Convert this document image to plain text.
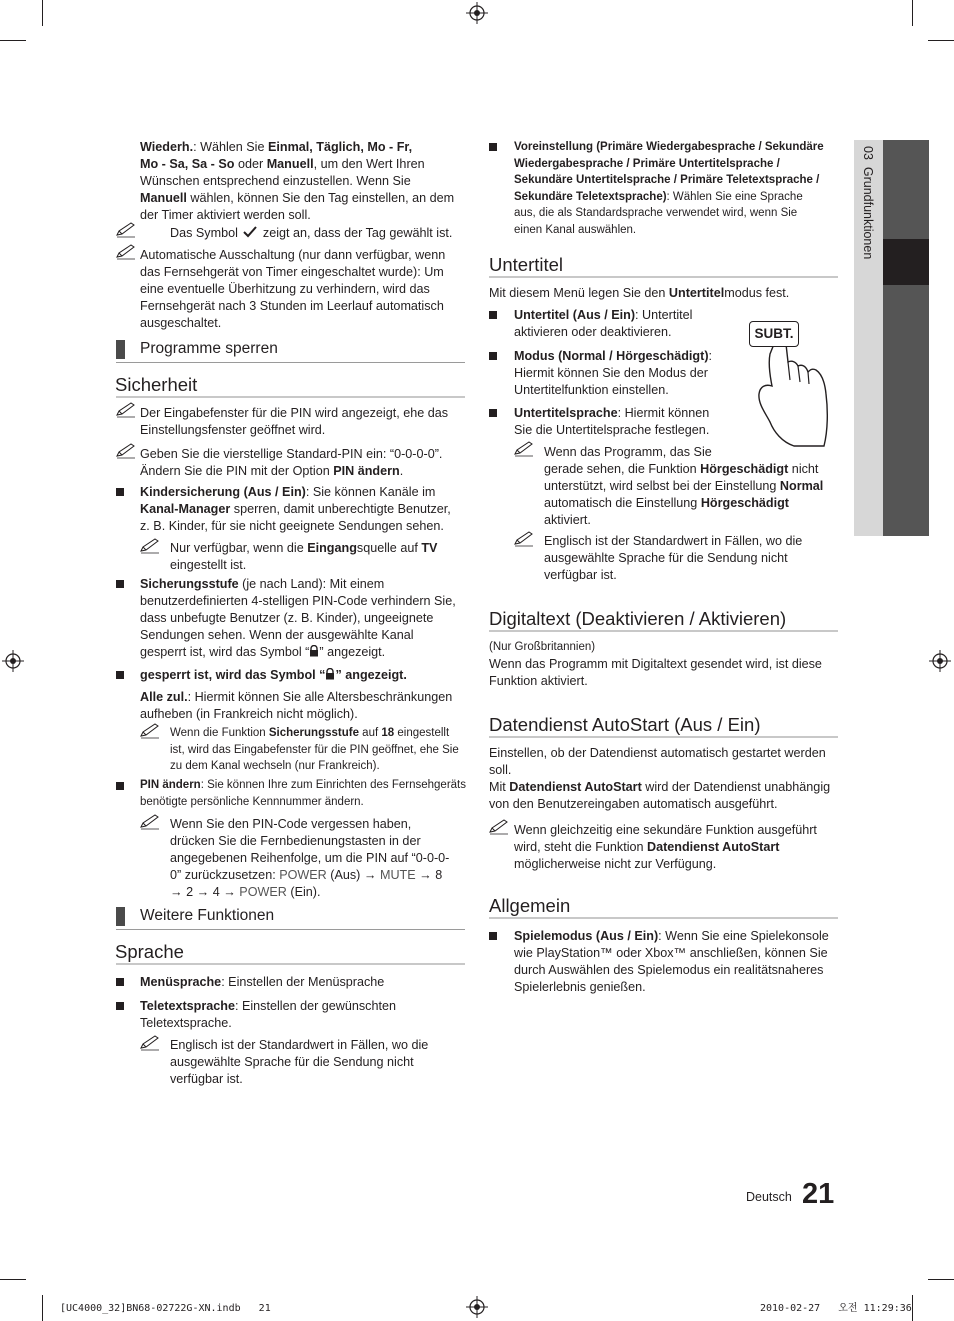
03  Grundfunktionen
Wiederh.: Wählen Sie Einmal, Täglich, Mo - Fr,
Mo - Sa, Sa - So oder Manuell, um den Wert Ihren
Wünschen entsprechend einzustellen. Wenn Sie
Manuell wählen, können Sie den Tag einstellen, an dem
der Timer aktiviert werden soll.
Das Symbol zeigt an, dass der Tag gewählt ist.
Automatische Ausschaltung (nur dann verfügbar, wenn
das Fernsehgerät von Timer eingeschaltet wurde): Um
eine eventuelle Überhitzung zu verhindern, wird das
Fernsehgerät nach 3 Stunden im Leerlauf automatisch
ausgeschaltet.
Programme sperren
Sicherheit
Der Eingabefenster für die PIN wird angezeigt, ehe das
Einstellungsfenster geöffnet wird.
Geben Sie die vierstellige Standard-PIN ein: “0-0-0-0”.
Ändern Sie die PIN mit der Option PIN ändern.
Kindersicherung (Aus / Ein): Sie können Kanäle im
Kanal-Manager sperren, damit unberechtigte Benutzer,
z. B. Kinder, für sie nicht geeignete Sendungen sehen.
Nur verfügbar, wenn die Eingangsquelle auf TV
eingestellt ist.
Sicherungsstufe (je nach Land): Mit einem
benutzerdefinierten 4-stelligen PIN-Code verhindern Sie,
dass unbefugte Benutzer (z. B. Kinder), ungeeignete
Sendungen sehen. Wenn der ausgewählte Kanal
gesperrt ist, wird das Symbol “ ” angezeigt.
gesperrt ist, wird das Symbol “ ” angezeigt.
Alle zul.: Hiermit können Sie alle Altersbeschränkungen
aufheben (in Frankreich nicht möglich).
Wenn die Funktion Sicherungsstufe auf 18 eingestellt
ist, wird das Eingabefenster für die PIN geöffnet, ehe Sie
zu dem Kanal wechseln (nur Frankreich).
PIN ändern: Sie können Ihre zum Einrichten des Fernsehgeräts
benötigte persönliche Kennnummer ändern.
Wenn Sie den PIN-Code vergessen haben,
drücken Sie die Fernbedienungstasten in der
angegebenen Reihenfolge, um die PIN auf “0-0-0-
0” zurückzusetzen: POWER (Aus) → MUTE → 8
→ 2 → 4 → POWER (Ein).
Weitere Funktionen
Sprache
Menüsprache: Einstellen der Menüsprache
Teletextsprache: Einstellen der gewünschten
Teletextsprache.
Englisch ist der Standardwert in Fällen, wo die
ausgewählte Sprache für die Sendung nicht
verfügbar ist.
Voreinstellung (Primäre Wiedergabesprache / Sekundäre
Wiedergabesprache / Primäre Untertitelsprache /
Sekundäre Untertitelsprache / Primäre Teletextsprache /
Sekundäre Teletextsprache): Wählen Sie eine Sprache
aus, die als Standardsprache verwendet wird, wenn Sie
einen Kanal auswählen.
Untertitel
Mit diesem Menü legen Sie den Untertitelmodus fest.
Untertitel (Aus / Ein): Untertitel
aktivieren oder deaktivieren.	SUBT.
Modus (Normal / Hörgeschädigt):
Hiermit können Sie den Modus der
Untertitelfunktion einstellen.
Untertitelsprache: Hiermit können
Sie die Untertitelsprache festlegen.
Wenn das Programm, das Sie
gerade sehen, die Funktion Hörgeschädigt nicht
unterstützt, wird selbst bei der Einstellung Normal
automatisch die Einstellung Hörgeschädigt
aktiviert.
Englisch ist der Standardwert in Fällen, wo die
ausgewählte Sprache für die Sendung nicht
verfügbar ist.
Digitaltext (Deaktivieren / Aktivieren)
(Nur Großbritannien)
Wenn das Programm mit Digitaltext gesendet wird, ist diese
Funktion aktiviert.
Datendienst AutoStart (Aus / Ein)
Einstellen, ob der Datendienst automatisch gestartet werden
soll.
Mit Datendienst AutoStart wird der Datendienst unabhängig
von den Benutzereingaben automatisch ausgeführt.
Wenn gleichzeitig eine sekundäre Funktion ausgeführt
wird, steht die Funktion Datendienst AutoStart
möglicherweise nicht zur Verfügung.
Allgemein
Spielemodus (Aus / Ein): Wenn Sie eine Spielekonsole
wie PlayStation™ oder Xbox™ anschließen, können Sie
durch Auswählen des Spielemodus ein realitätsnaheres
Spielerlebnis genießen.
Deutsch 21
[UC4000_32]BN68-02722G-XN.indb   21	2010-02-27   오전 11:29:36
